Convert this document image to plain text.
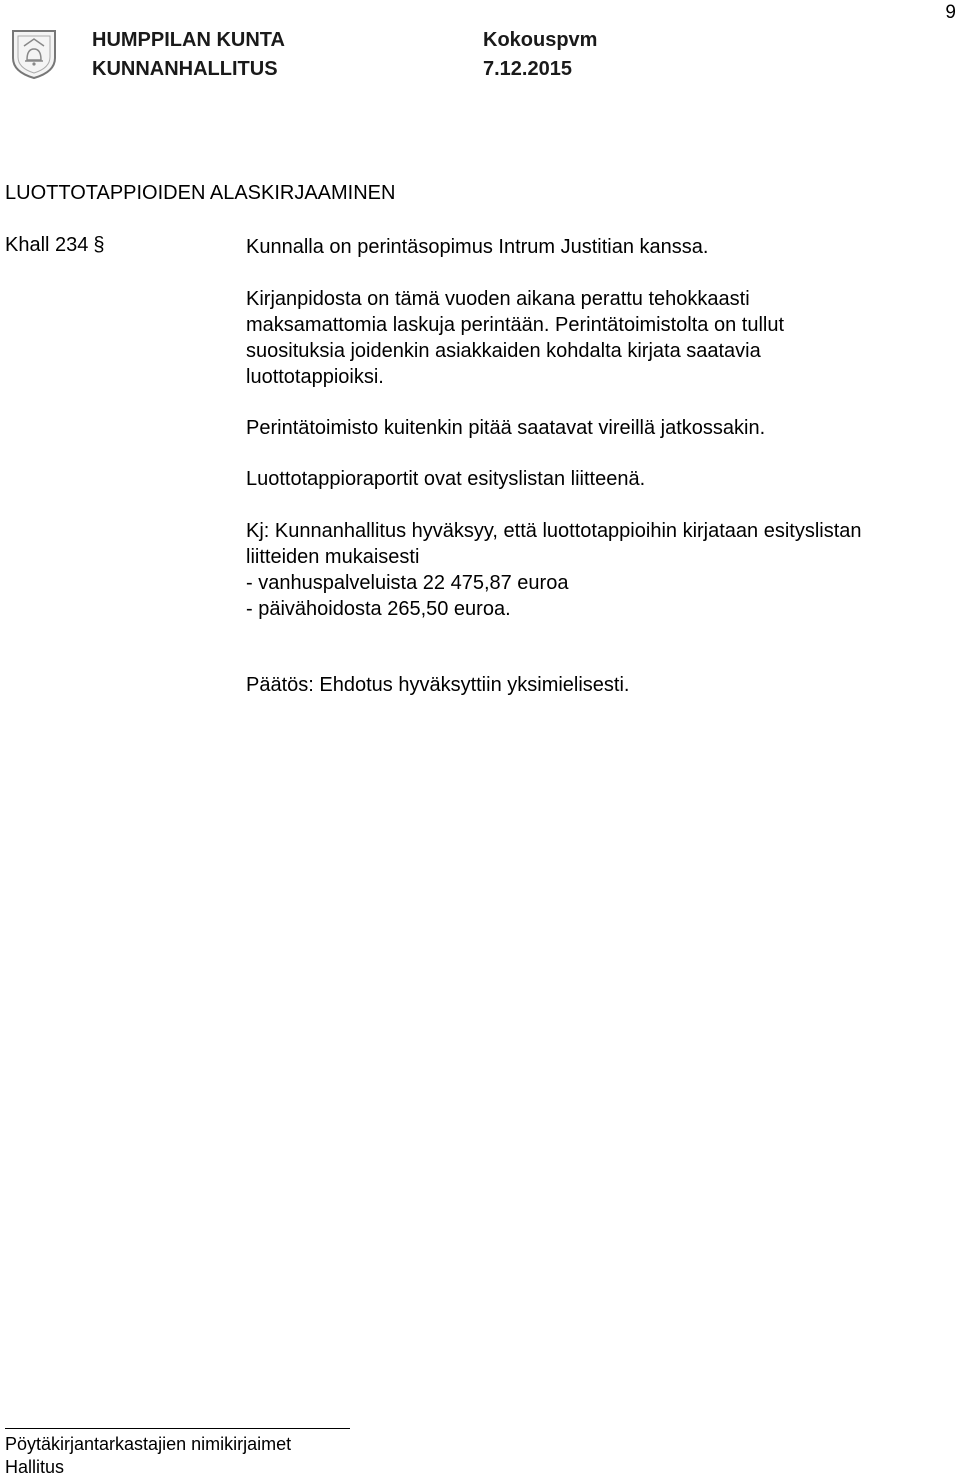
9
HUMPPILAN KUNTA
KUNNANHALLITUS
Kokouspvm
7.12.2015
LUOTTOTAPPIOIDEN ALASKIRJAAMINEN
Khall 234 §	Kunnalla on perintäsopimus Intrum Justitian kanssa.

Kirjanpidosta on tämä vuoden aikana perattu tehokkaasti
maksamattomia laskuja perintään. Perintätoimistolta on tullut
suosituksia joidenkin asiakkaiden kohdalta kirjata saatavia
luottotappioiksi.

Perintätoimisto kuitenkin pitää saatavat vireillä jatkossakin.

Luottotappioraportit ovat esityslistan liitteenä.

Kj: Kunnanhallitus hyväksyy, että luottotappioihin kirjataan esityslistan
liitteiden mukaisesti
- vanhuspalveluista 22 475,87 euroa
- päivähoidosta 265,50 euroa.

Päätös: Ehdotus hyväksyttiin yksimielisesti.

Pöytäkirjantarkastajien nimikirjaimet
Hallitus
